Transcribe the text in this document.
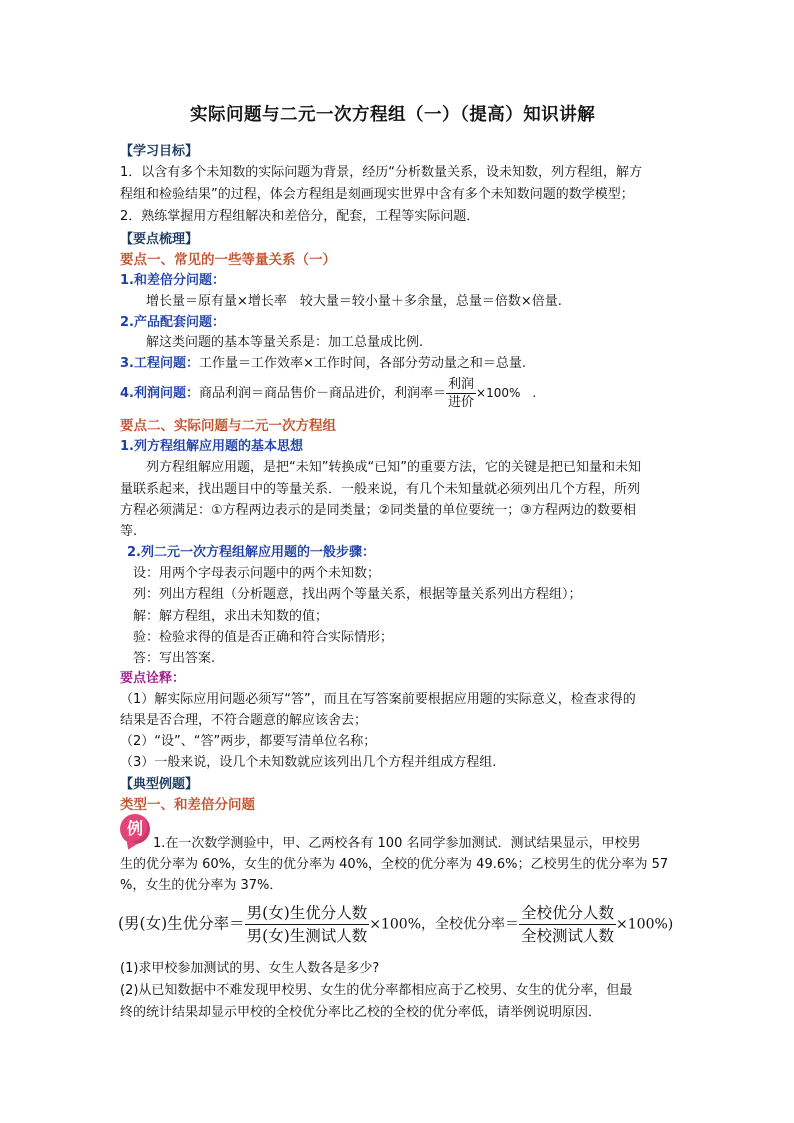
实际问题与二元一次方程组（一）（提高）知识讲解
【学习目标】
1．以含有多个未知数的实际问题为背景，经历“分析数量关系，设未知数，列方程组，解方
程组和检验结果”的过程，体会方程组是刻画现实世界中含有多个未知数问题的数学模型；
2．熟练掌握用方程组解决和差倍分，配套，工程等实际问题．
【要点梳理】
要点一、常见的一些等量关系（一）
1.和差倍分问题：
增长量＝原有量×增长率　较大量＝较小量＋多余量，总量＝倍数×倍量.
2.产品配套问题：
解这类问题的基本等量关系是：加工总量成比例.
3.工程问题：工作量＝工作效率×工作时间，各部分劳动量之和＝总量.
4.利润问题：商品利润＝商品售价－商品进价，利润率＝ $\frac{\text{利润}}{\text{进价}} \times 100\%$　.
要点二、实际问题与二元一次方程组
1.列方程组解应用题的基本思想
列方程组解应用题，是把“未知”转换成“已知”的重要方法，它的关键是把已知量和未知
量联系起来，找出题目中的等量关系．一般来说，有几个未知量就必须列出几个方程，所列
方程必须满足：①方程两边表示的是同类量；②同类量的单位要统一；③方程两边的数要相
等.
2.列二元一次方程组解应用题的一般步骤：
设：用两个字母表示问题中的两个未知数；
列：列出方程组（分析题意，找出两个等量关系，根据等量关系列出方程组）；
解：解方程组，求出未知数的值；
验：检验求得的值是否正确和符合实际情形；
答：写出答案.
要点诠释：
（1）解实际应用问题必须写“答”，而且在写答案前要根据应用题的实际意义，检查求得的
结果是否合理，不符合题意的解应该舍去；
（2）“设”、“答”两步，都要写清单位名称；
（3）一般来说，设几个未知数就应该列出几个方程并组成方程组.
【典型例题】
类型一、和差倍分问题
例
1.在一次数学测验中，甲、乙两校各有 100 名同学参加测试．测试结果显示，甲校男
生的优分率为 60%，女生的优分率为 40%，全校的优分率为 49.6%；乙校男生的优分率为 57
%，女生的优分率为 37%．
(男(女)生优分率＝ $\frac{\text{男(女)生优分人数}}{\text{男(女)生测试人数}} \times 100\%$，全校优分率＝ $\frac{\text{全校优分人数}}{\text{全校测试人数}} \times 100\%$)
(1)求甲校参加测试的男、女生人数各是多少?
(2)从已知数据中不难发现甲校男、女生的优分率都相应高于乙校男、女生的优分率，但最
终的统计结果却显示甲校的全校优分率比乙校的全校的优分率低，请举例说明原因．
